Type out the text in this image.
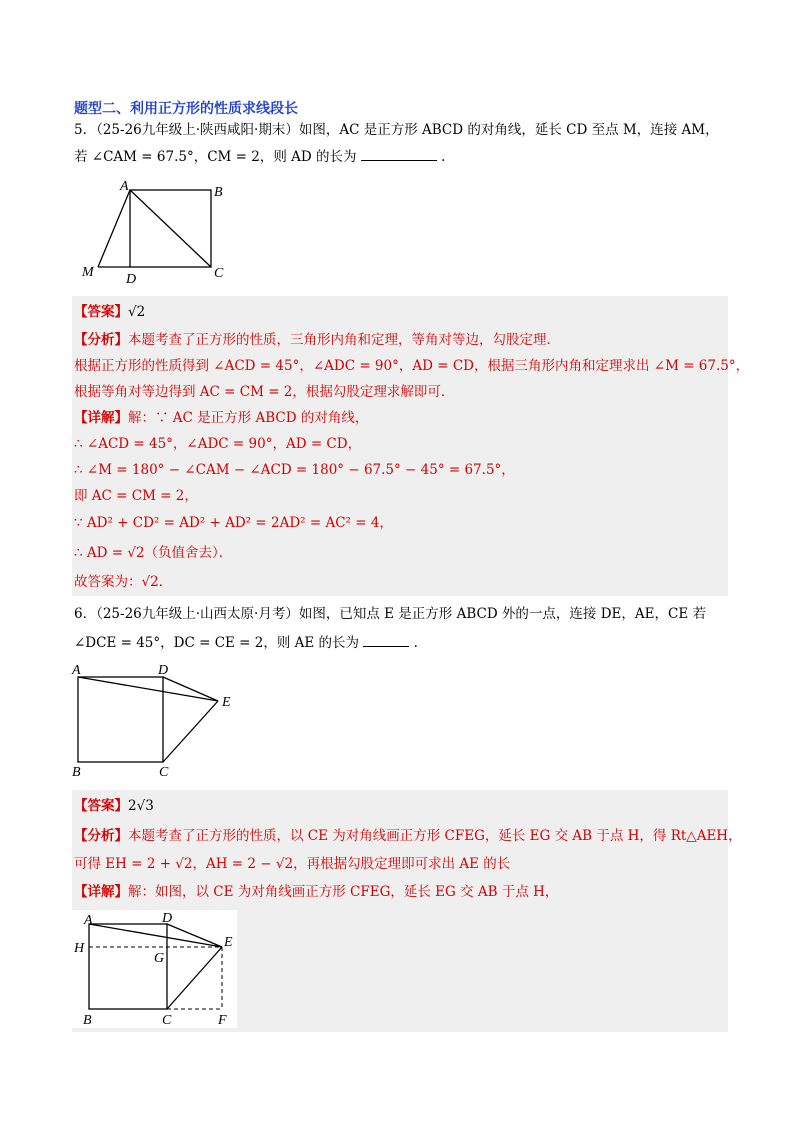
题型二、利用正方形的性质求线段长
5．（25-26九年级上·陕西咸阳·期末）如图，AC 是正方形 ABCD 的对角线，延长 CD 至点 M，连接 AM，
若 ∠CAM = 67.5°，CM = 2，则 AD 的长为	.
A	B
C
D
M
【答案】√2
【分析】本题考查了正方形的性质，三角形内角和定理，等角对等边，勾股定理．
根据正方形的性质得到 ∠ACD = 45°，∠ADC = 90°，AD = CD，根据三角形内角和定理求出 ∠M = 67.5°，
根据等角对等边得到 AC = CM = 2，根据勾股定理求解即可．
【详解】解：∵ AC 是正方形 ABCD 的对角线，
∴ ∠ACD = 45°，∠ADC = 90°，AD = CD，
∴ ∠M = 180° − ∠CAM − ∠ACD = 180° − 67.5° − 45° = 67.5°，
即 AC = CM = 2，
∵ AD² + CD² = AD² + AD² = 2AD² = AC² = 4，
∴ AD = √2（负值舍去）．
故答案为：√2．
6．（25-26九年级上·山西太原·月考）如图，已知点 E 是正方形 ABCD 外的一点，连接 DE，AE，CE 若
∠DCE = 45°，DC = CE = 2，则 AE 的长为	.
A	D
E
B	C
【答案】2√3
【分析】本题考查了正方形的性质，以 CE 为对角线画正方形 CFEG，延长 EG 交 AB 于点 H，得 Rt△AEH，
可得 EH = 2 + √2，AH = 2 − √2，再根据勾股定理即可求出 AE 的长
【详解】解：如图，以 CE 为对角线画正方形 CFEG，延长 EG 交 AB 于点 H，
A	D
E
H
G
B	C	F
